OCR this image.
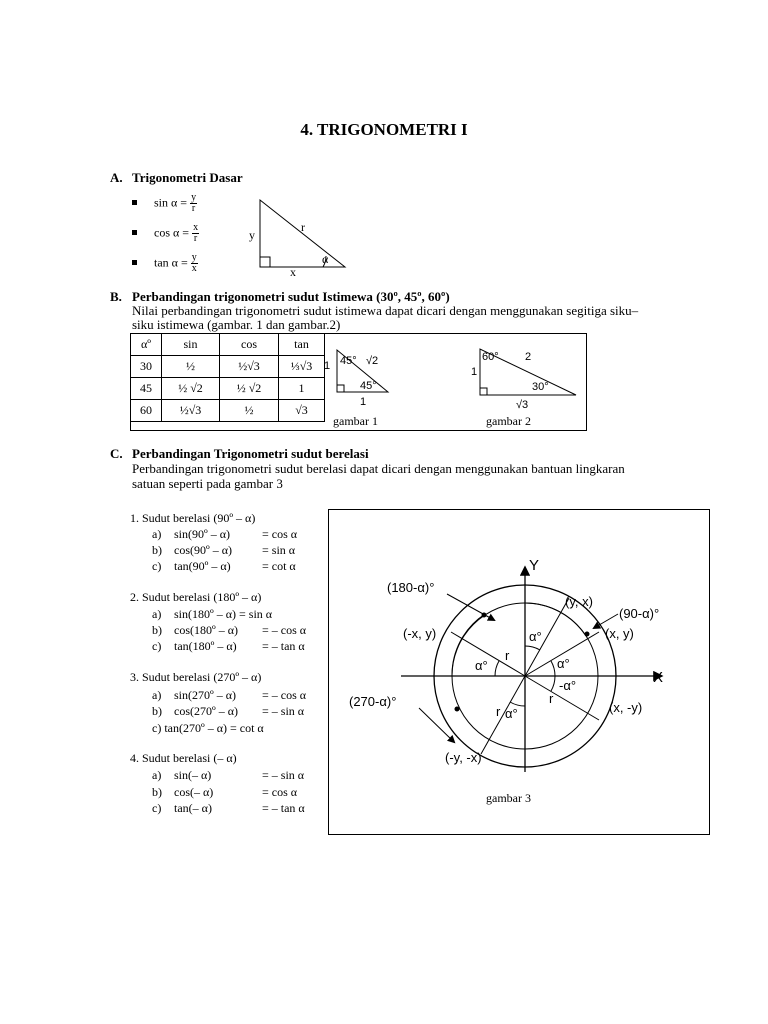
4. TRIGONOMETRI I
A. Trigonometri Dasar
$\sin \alpha = \frac{y}{r}$
$\cos \alpha = \frac{x}{r}$
$\tan \alpha = \frac{y}{x}$
y
r
x
α
B. Perbandingan trigonometri sudut Istimewa (30º, 45º, 60º)
Nilai perbandingan trigonometri sudut istimewa dapat dicari dengan menggunakan segitiga siku–
siku istimewa (gambar. 1 dan gambar.2)
αº	sin	cos	tan
30	½	½√3	⅓√3
45	½ √2	½ √2	1
60	½√3	½	√3
1 45° √2
45°
1
gambar 1
1
60° 2
30°
√3
gambar 2
C. Perbandingan Trigonometri sudut berelasi
Perbandingan trigonometri sudut berelasi dapat dicari dengan menggunakan bantuan lingkaran
satuan seperti pada gambar 3
1. Sudut berelasi (90º – α)
a) sin(90º – α)	= cos α
b) cos(90º – α)	= sin α
c) tan(90º – α)	= cot α
2. Sudut berelasi (180º – α)
a) sin(180º – α) = sin α
b) cos(180º – α) = – cos α
c) tan(180º – α) = – tan α
3. Sudut berelasi (270º – α)
a) sin(270º – α) = – cos α
b) cos(270º – α) = – sin α
c) tan(270º – α) = cot α
4. Sudut berelasi (– α)
a) sin(– α)	= – sin α
b) cos(– α)	= cos α
c) tan(– α)	= – tan α
Y
X
α°
α°
α°
α°
-α°
r
r
r
(180-α)°
(y, x)
(90-α)°
(-x, y)	(x, y)
(270-α)°	(x, -y)
(-y, -x)
gambar 3
